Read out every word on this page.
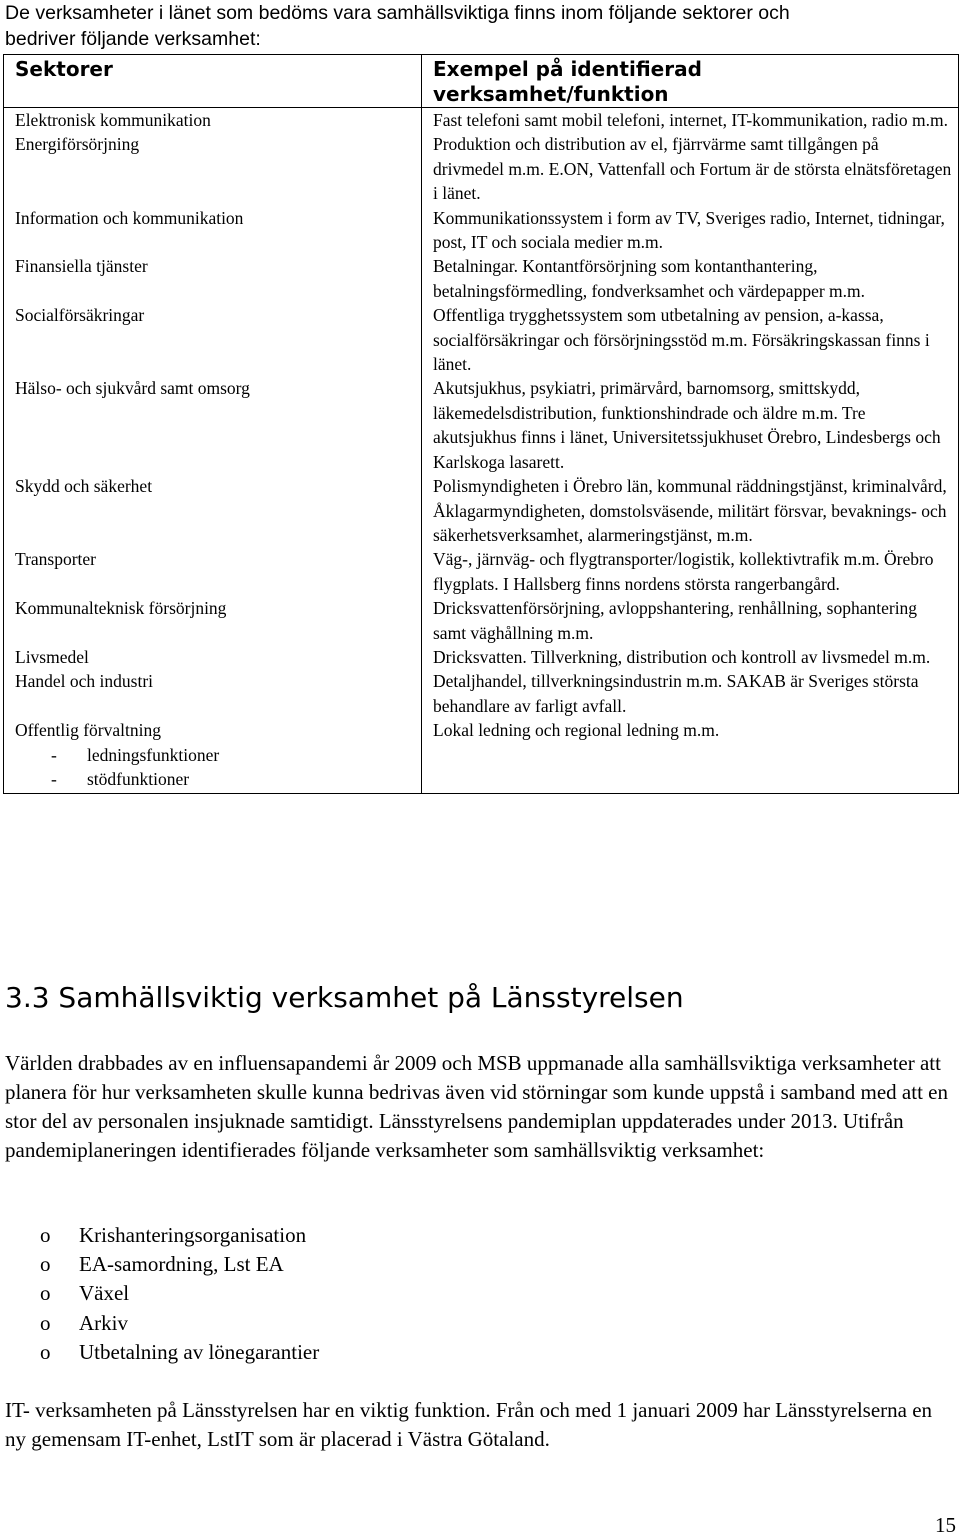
De verksamheter i länet som bedöms vara samhällsviktiga finns inom följande sektorer och
bedriver följande verksamhet:
Sektorer	Exempel på identifierad
verksamhet/funktion
Elektronisk kommunikation	Fast telefoni samt mobil telefoni, internet, IT-kommunikation, radio m.m.
Energiförsörjning	Produktion och distribution av el, fjärrvärme samt tillgången på drivmedel m.m. E.ON, Vattenfall och Fortum är de största elnätsföretagen i länet.
Information och kommunikation	Kommunikationssystem i form av TV, Sveriges radio, Internet, tidningar, post, IT och sociala medier m.m.
Finansiella tjänster	Betalningar. Kontantförsörjning som kontanthantering, betalningsförmedling, fondverksamhet och värdepapper m.m.
Socialförsäkringar	Offentliga trygghetssystem som utbetalning av pension, a-kassa, socialförsäkringar och försörjningsstöd m.m. Försäkringskassan finns i länet.
Hälso- och sjukvård samt omsorg	Akutsjukhus, psykiatri, primärvård, barnomsorg, smittskydd, läkemedelsdistribution, funktionshindrade och äldre m.m. Tre akutsjukhus finns i länet, Universitetssjukhuset Örebro, Lindesbergs och Karlskoga lasarett.
Skydd och säkerhet	Polismyndigheten i Örebro län, kommunal räddningstjänst, kriminalvård, Åklagarmyndigheten, domstolsväsende, militärt försvar, bevaknings- och säkerhetsverksamhet, alarmeringstjänst, m.m.
Transporter	Väg-, järnväg- och flygtransporter/logistik, kollektivtrafik m.m. Örebro flygplats. I Hallsberg finns nordens största rangerbangård.
Kommunalteknisk försörjning	Dricksvattenförsörjning, avloppshantering, renhållning, sophantering samt väghållning m.m.
Livsmedel	Dricksvatten. Tillverkning, distribution och kontroll av livsmedel m.m.
Handel och industri	Detaljhandel, tillverkningsindustrin m.m. SAKAB är Sveriges största behandlare av farligt avfall.
Offentlig förvaltning
- ledningsfunktioner
- stödfunktioner	Lokal ledning och regional ledning m.m.
3.3 Samhällsviktig verksamhet på Länsstyrelsen

Världen drabbades av en influensapandemi år 2009 och MSB uppmanade alla samhällsviktiga verksamheter att planera för hur verksamheten skulle kunna bedrivas även vid störningar som kunde uppstå i samband med att en stor del av personalen insjuknade samtidigt. Länsstyrelsens pandemiplan uppdaterades under 2013. Utifrån pandemiplaneringen identifierades följande verksamheter som samhällsviktig verksamhet:

o Krishanteringsorganisation
o EA-samordning, Lst EA
o Växel
o Arkiv
o Utbetalning av lönegarantier

IT- verksamheten på Länsstyrelsen har en viktig funktion. Från och med 1 januari 2009 har Länsstyrelserna en ny gemensam IT-enhet, LstIT som är placerad i Västra Götaland.

15
